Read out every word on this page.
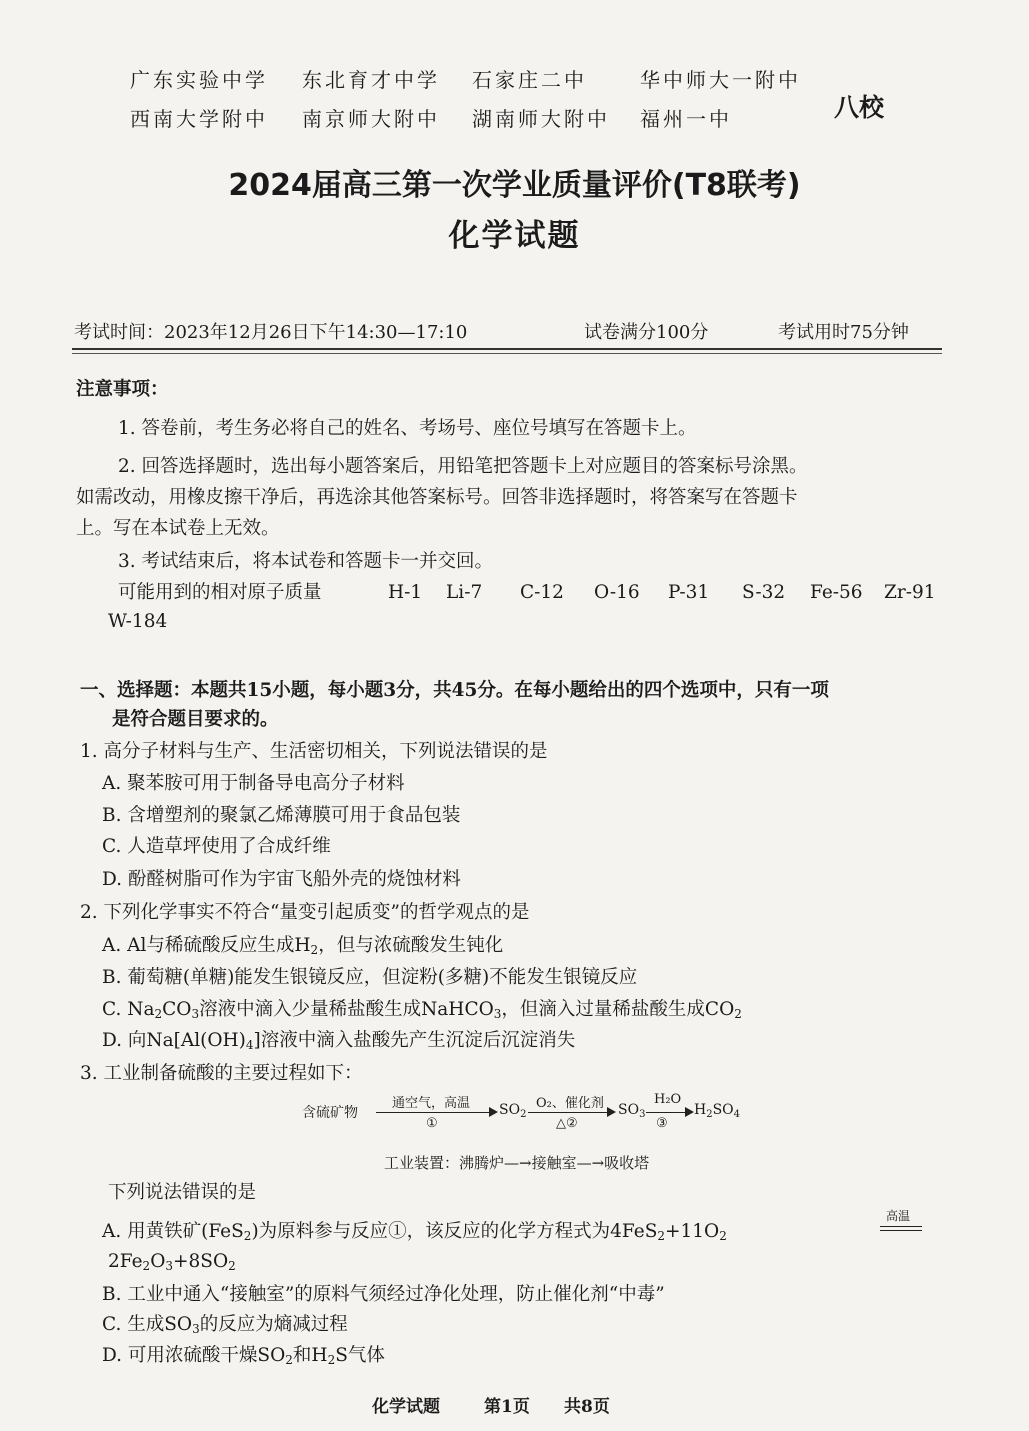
广东实验中学 东北育才中学 石家庄二中	华中师大一附中
西南大学附中 南京师大附中 湖南师大附中 福州一中	八校
2024届高三第一次学业质量评价(T8联考)
化学试题
考试时间：2023年12月26日下午14:30—17:10	试卷满分100分	考试用时75分钟
注意事项：
1. 答卷前，考生务必将自己的姓名、考场号、座位号填写在答题卡上。
2. 回答选择题时，选出每小题答案后，用铅笔把答题卡上对应题目的答案标号涂黑。
如需改动，用橡皮擦干净后，再选涂其他答案标号。回答非选择题时，将答案写在答题卡
上。写在本试卷上无效。
3. 考试结束后，将本试卷和答题卡一并交回。
可能用到的相对原子质量	H-1 Li-7 C-12 O-16 P-31 S-32 Fe-56 Zr-91
W-184
一、选择题：本题共15小题，每小题3分，共45分。在每小题给出的四个选项中，只有一项
是符合题目要求的。
1. 高分子材料与生产、生活密切相关，下列说法错误的是
A. 聚苯胺可用于制备导电高分子材料
B. 含增塑剂的聚氯乙烯薄膜可用于食品包装
C. 人造草坪使用了合成纤维
D. 酚醛树脂可作为宇宙飞船外壳的烧蚀材料
2. 下列化学事实不符合“量变引起质变”的哲学观点的是
A. Al与稀硫酸反应生成$H_2$，但与浓硫酸发生钝化
B. 葡萄糖(单糖)能发生银镜反应，但淀粉(多糖)不能发生银镜反应
C. $Na_2CO_3$溶液中滴入少量稀盐酸生成NaHCO$_3$，但滴入过量稀盐酸生成$CO_2$
D. 向$Na[Al(OH)_4]$溶液中滴入盐酸先产生沉淀后沉淀消失
3. 工业制备硫酸的主要过程如下：
含硫矿物
通空气，高温
①
$SO_2$
O₂、催化剂
△②
$SO_3$
H₂O
③
$H_2SO_4$
工业装置：沸腾炉—→接触室—→吸收塔
下列说法错误的是
A. 用黄铁矿(FeS$_2$)为原料参与反应①，该反应的化学方程式为$4FeS_2+11O_2$
高温
$2Fe_2O_3+8SO_2$
B. 工业中通入“接触室”的原料气须经过净化处理，防止催化剂“中毒”
C. 生成$SO_3$的反应为熵减过程
D. 可用浓硫酸干燥$SO_2$和$H_2S$气体
化学试题	第1页 共8页
